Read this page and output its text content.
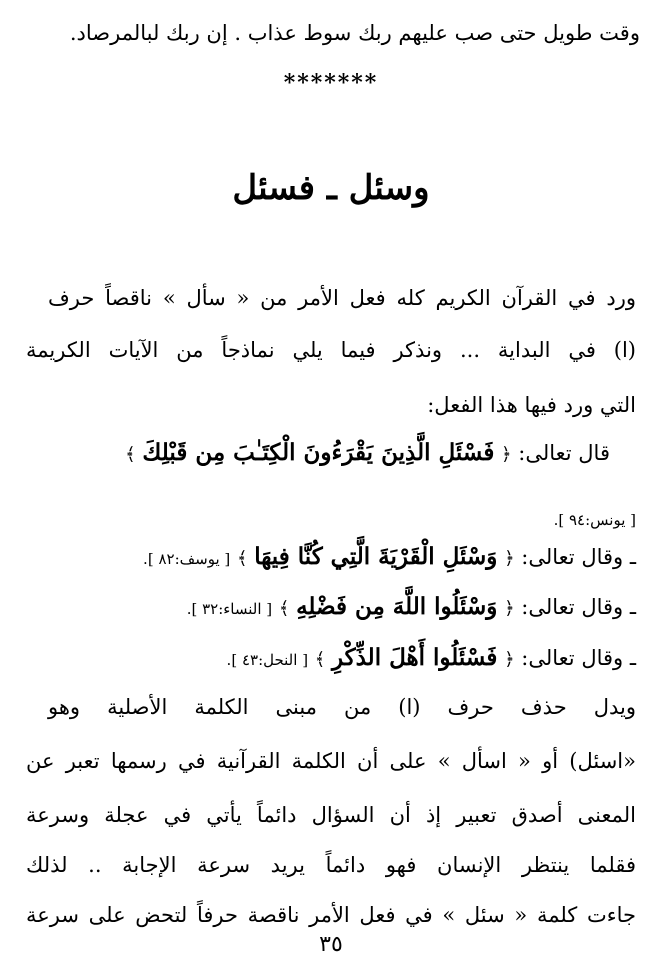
وقت طويل حتى صب عليهم ربك سوط عذاب . إن ربك لبالمرصاد.
*******
وسئل ـ فسئل
ورد في القرآن الكريم كله فعل الأمر من « سأل » ناقصاً حرف
(ا) في البداية ... ونذكر فيما يلي نماذجاً من الآيات الكريمة
التي ورد فيها هذا الفعل:
قال تعالى: ﴿ فَسْئَلِ الَّذِينَ يَقْرَءُونَ الْكِتَـٰبَ مِن قَبْلِكَ ﴾
[ يونس:٩٤ ].
ـ وقال تعالى: ﴿ وَسْئَلِ الْقَرْيَةَ الَّتِي كُنَّا فِيهَا ﴾ [ يوسف:٨٢ ].
ـ وقال تعالى: ﴿ وَسْئَلُوا اللَّهَ مِن فَضْلِهِ ﴾ [ النساء:٣٢ ].
ـ وقال تعالى: ﴿ فَسْئَلُوا أَهْلَ الذِّكْرِ ﴾ [ النحل:٤٣ ].
ويدل حذف حرف (ا) من مبنى الكلمة الأصلية وهو
«اسئل) أو « اسأل » على أن الكلمة القرآنية في رسمها تعبر عن
المعنى أصدق تعبير إذ أن السؤال دائماً يأتي في عجلة وسرعة
فقلما ينتظر الإنسان فهو دائماً يريد سرعة الإجابة .. لذلك
جاءت كلمة « سئل » في فعل الأمر ناقصة حرفاً لتحض على سرعة
٣٥
